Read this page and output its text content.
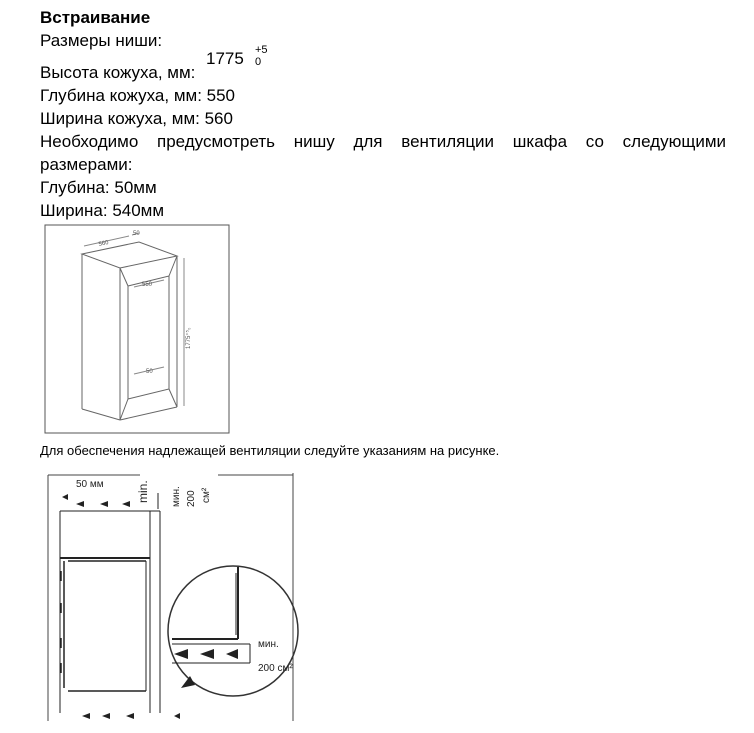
Встраивание
Размеры ниши:
Высота кожуха, мм:
1775 +5
0
Глубина кожуха, мм: 550
Ширина кожуха, мм: 560
Необходимо предусмотреть нишу для вентиляции шкафа со следующими
размерами:
Глубина: 50мм
Ширина: 540мм
560
50
550
1775⁺⁵₀
50
Для обеспечения надлежащей вентиляции следуйте указаниям на рисунке.
50 мм	min. мин. 200 см²
мин.
200 см²
